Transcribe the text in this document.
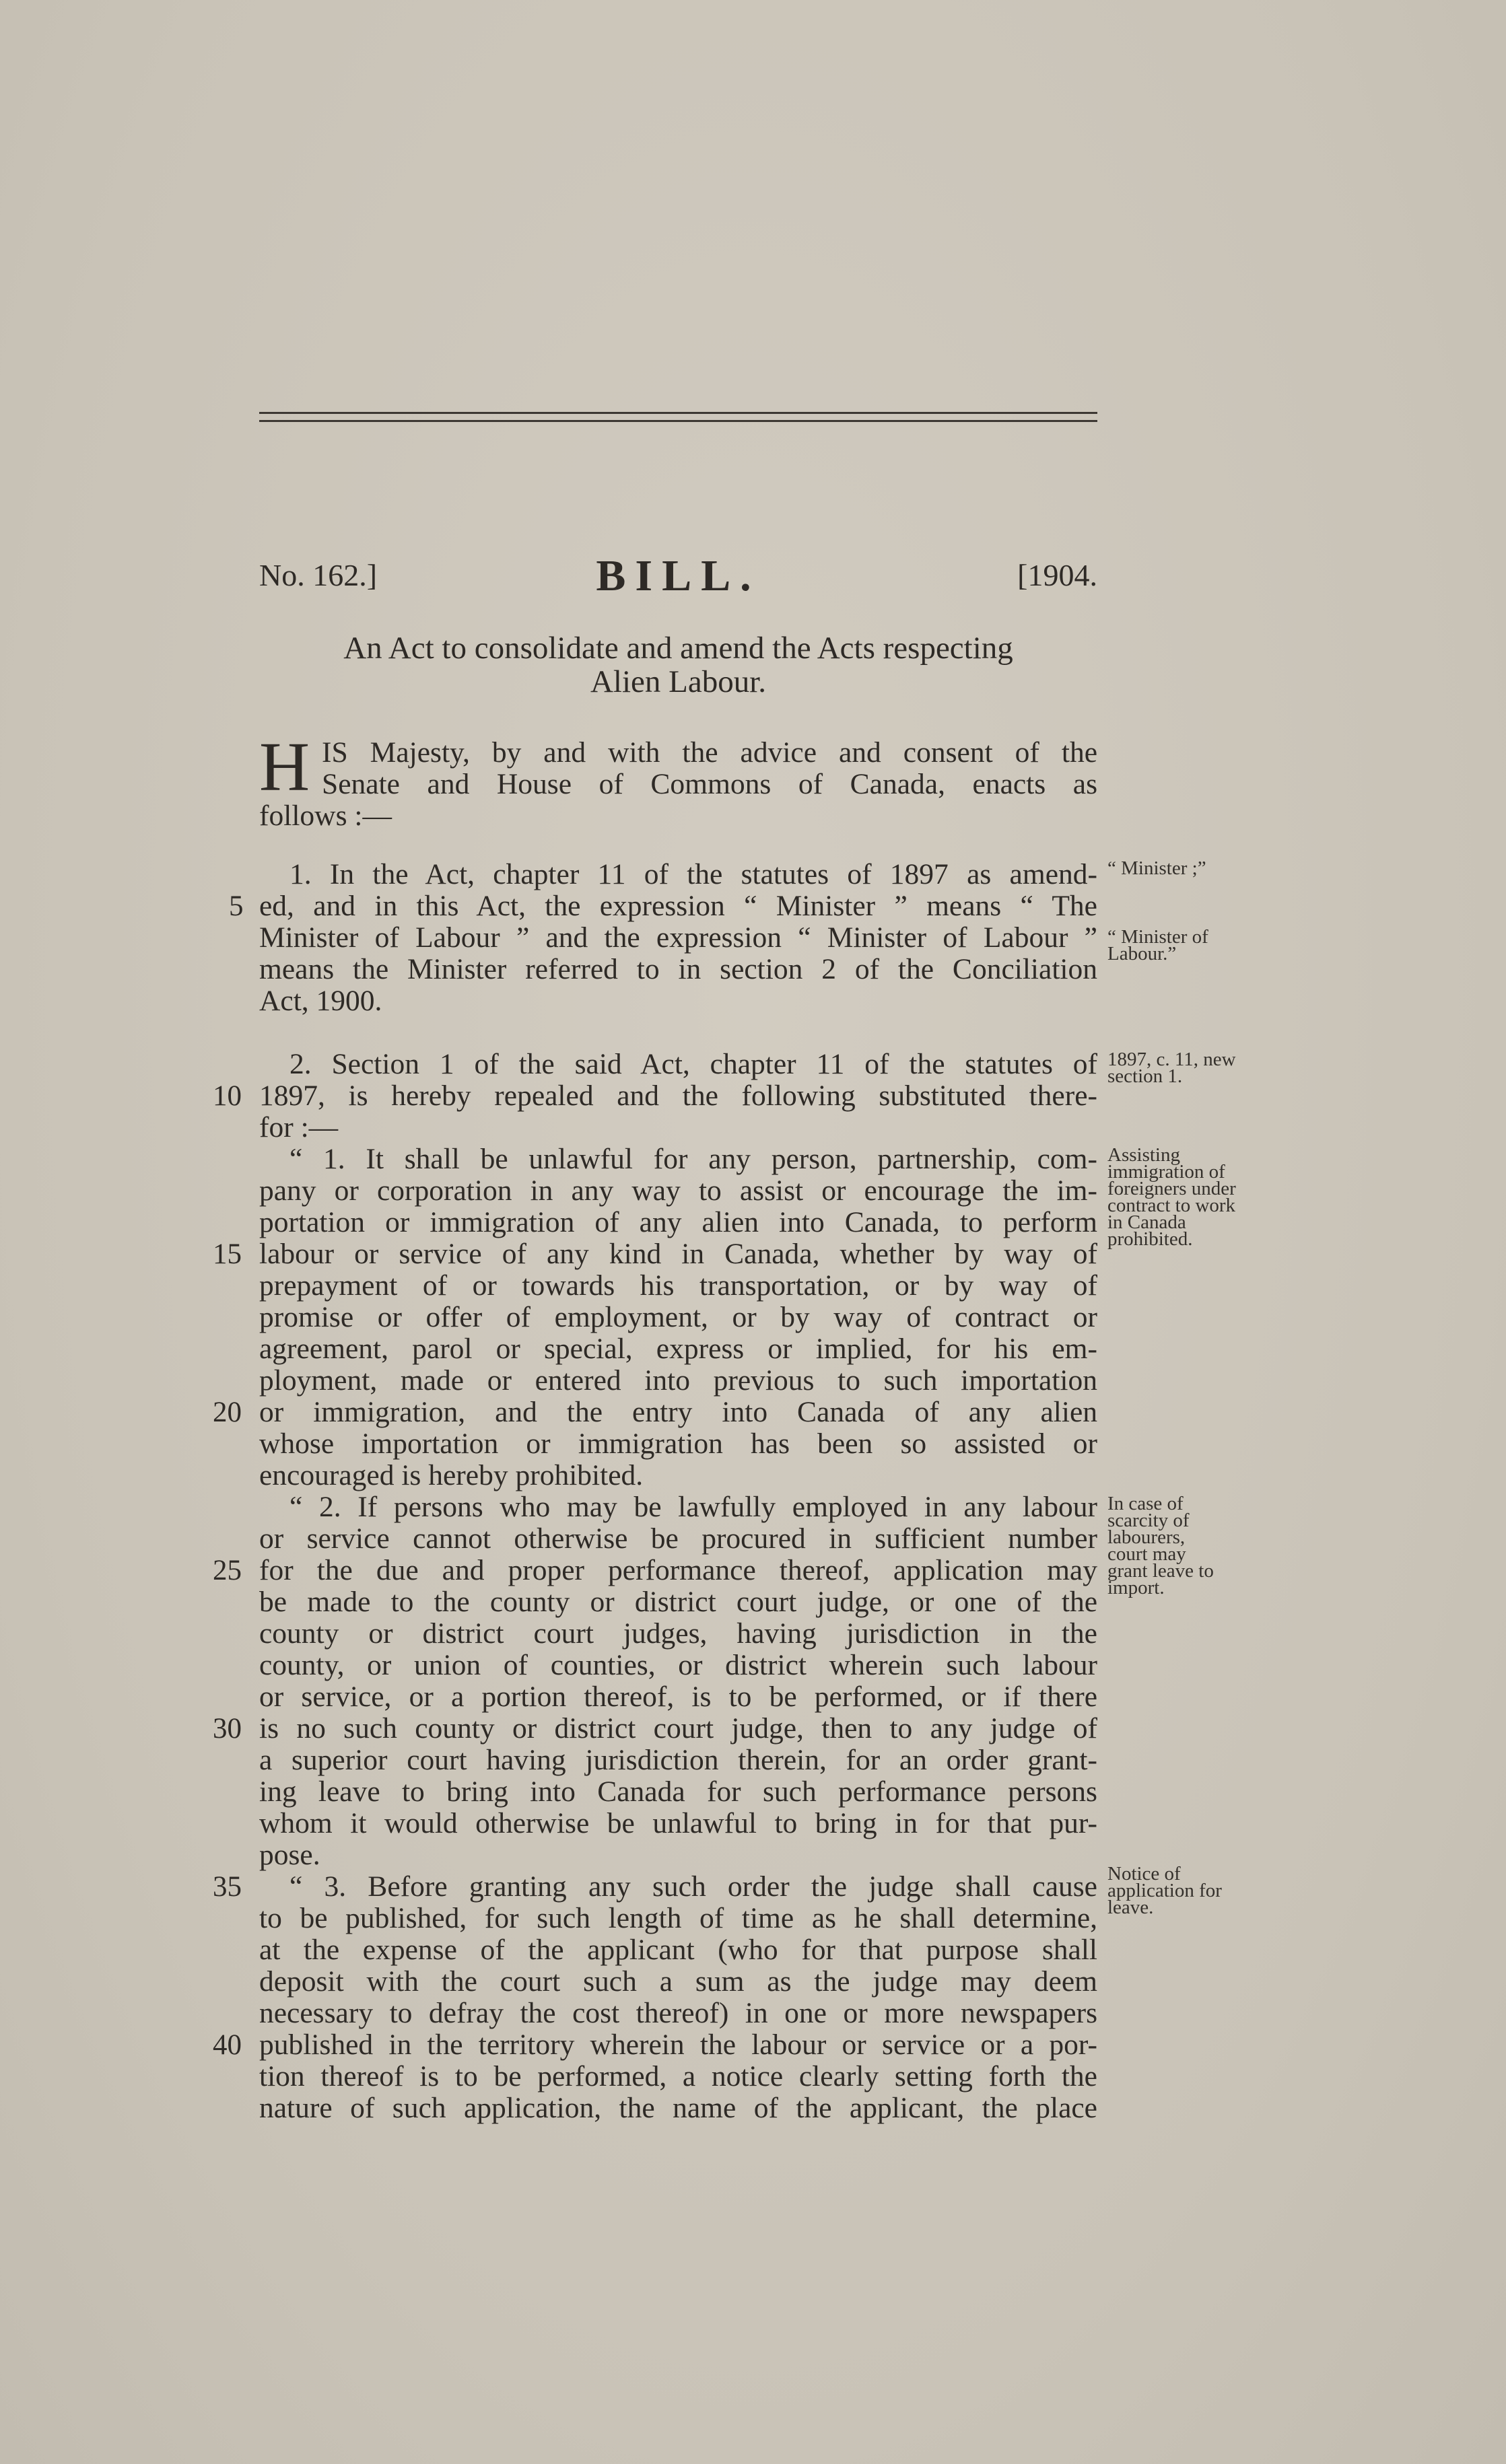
No. 162.]	BILL.	[1904.
An Act to consolidate and amend the Acts respecting
Alien Labour.
H IS Majesty, by and with the advice and consent of the
Senate and House of Commons of Canada, enacts as
follows :—
1. In the Act, chapter 11 of the statutes of 1897 as amend-
ed, and in this Act, the expression “ Minister ” means “ The
Minister of Labour ” and the expression “ Minister of Labour ”
means the Minister referred to in section 2 of the Conciliation
Act, 1900.
2. Section 1 of the said Act, chapter 11 of the statutes of
1897, is hereby repealed and the following substituted there-
for :—
“ 1. It shall be unlawful for any person, partnership, com-
pany or corporation in any way to assist or encourage the im-
portation or immigration of any alien into Canada, to perform
labour or service of any kind in Canada, whether by way of
prepayment of or towards his transportation, or by way of
promise or offer of employment, or by way of contract or
agreement, parol or special, express or implied, for his em-
ployment, made or entered into previous to such importation
or immigration, and the entry into Canada of any alien
whose importation or immigration has been so assisted or
encouraged is hereby prohibited.
“ 2. If persons who may be lawfully employed in any labour
or service cannot otherwise be procured in sufficient number
for the due and proper performance thereof, application may
be made to the county or district court judge, or one of the
county or district court judges, having jurisdiction in the
county, or union of counties, or district wherein such labour
or service, or a portion thereof, is to be performed, or if there
is no such county or district court judge, then to any judge of
a superior court having jurisdiction therein, for an order grant-
ing leave to bring into Canada for such performance persons
whom it would otherwise be unlawful to bring in for that pur-
pose.
“ 3. Before granting any such order the judge shall cause
to be published, for such length of time as he shall determine,
at the expense of the applicant (who for that purpose shall
deposit with the court such a sum as the judge may deem
necessary to defray the cost thereof) in one or more newspapers
published in the territory wherein the labour or service or a por-
tion thereof is to be performed, a notice clearly setting forth the
nature of such application, the name of the applicant, the place
5
10
15
20
25
30
35
40
“ Minister ;”
“ Minister of Labour.”
1897, c. 11, new section 1.
Assisting immigration of foreigners under contract to work in Canada prohibited.
In case of scarcity of labourers, court may grant leave to import.
Notice of application for leave.
